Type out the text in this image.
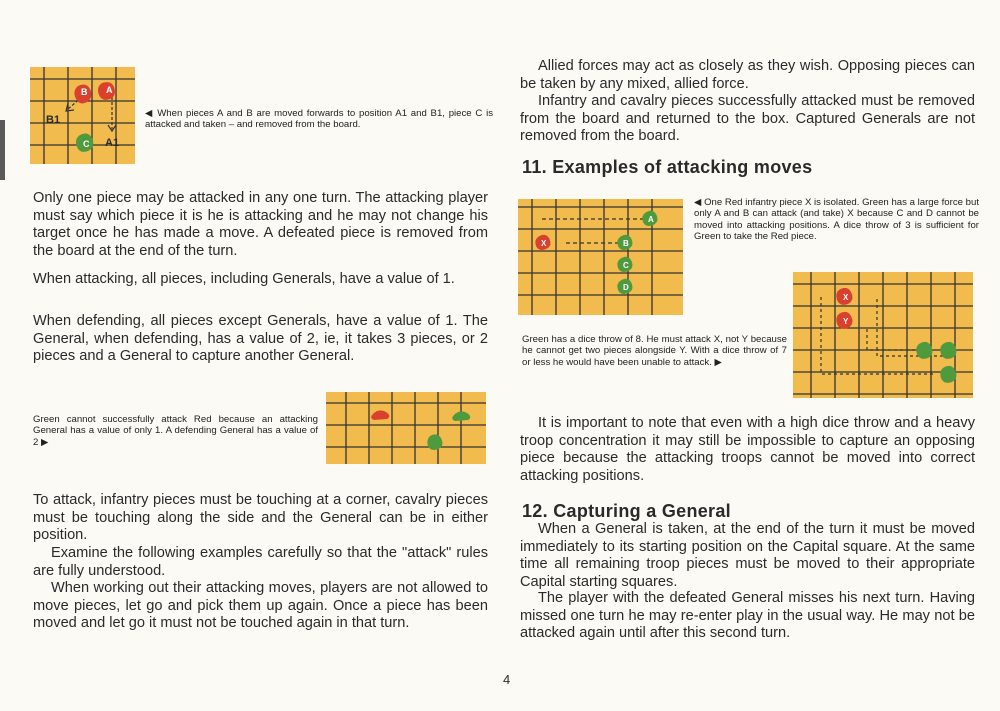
B A
C
B1
A1
◀ When pieces A and B are moved forwards to position A1 and B1, piece C is attacked and taken – and removed from the board.
Only one piece may be attacked in any one turn. The attacking player must say which piece it is he is attacking and he may not change his target once he has made a move. A defeated piece is removed from the board at the end of the turn.
When attacking, all pieces, including Generals, have a value of 1.
When defending, all pieces except Generals, have a value of 1. The General, when defending, has a value of 2, ie, it takes 3 pieces, or 2 pieces and a General to capture another General.
Green cannot successfully attack Red because an attacking General has a value of only 1. A defending General has a value of 2 ▶
To attack, infantry pieces must be touching at a corner, cavalry pieces must be touching along the side and the General can be in either position.
Examine the following examples carefully so that the "attack" rules are fully understood.
When working out their attacking moves, players are not allowed to move pieces, let go and pick them up again. Once a piece has been moved and let go it must not be touched again in that turn.
Allied forces may act as closely as they wish. Opposing pieces can be taken by any mixed, allied force.
Infantry and cavalry pieces successfully attacked must be removed from the board and returned to the box. Captured Generals are not removed from the board.
11. Examples of attacking moves
A
X	B
C
D
◀ One Red infantry piece X is isolated. Green has a large force but only A and B can attack (and take) X because C and D cannot be moved into attacking positions. A dice throw of 3 is sufficient for Green to take the Red piece.
Green has a dice throw of 8. He must attack X, not Y because he cannot get two pieces alongside Y. With a dice throw of 7 or less he would have been unable to attack. ▶
X
Y
It is important to note that even with a high dice throw and a heavy troop concentration it may still be impossible to capture an opposing piece because the attacking troops cannot be moved into correct attacking positions.
12. Capturing a General
When a General is taken, at the end of the turn it must be moved immediately to its starting position on the Capital square. At the same time all remaining troop pieces must be moved to their appropriate Capital starting squares.
The player with the defeated General misses his next turn. Having missed one turn he may re-enter play in the usual way. He may not be attacked again until after this second turn.
4
